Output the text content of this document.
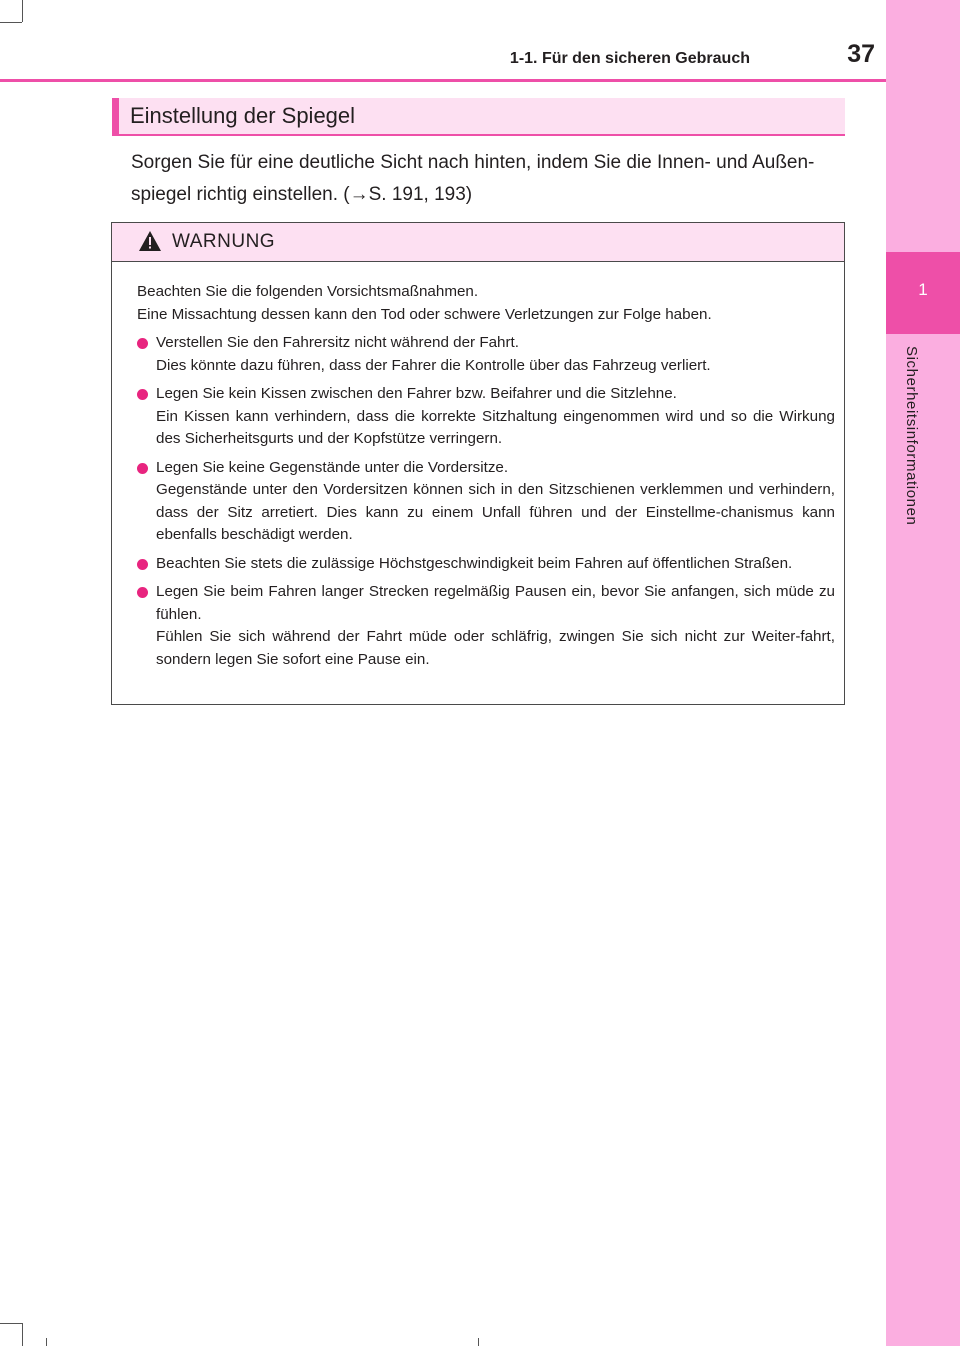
1
Sicherheitsinformationen
1-1. Für den sicheren Gebrauch	37
Einstellung der Spiegel
Sorgen Sie für eine deutliche Sicht nach hinten, indem Sie die Innen- und Außen-spiegel richtig einstellen. (→S. 191, 193)
WARNUNG

Beachten Sie die folgenden Vorsichtsmaßnahmen.

Eine Missachtung dessen kann den Tod oder schwere Verletzungen zur Folge haben.

Verstellen Sie den Fahrersitz nicht während der Fahrt.
Dies könnte dazu führen, dass der Fahrer die Kontrolle über das Fahrzeug verliert.
Legen Sie kein Kissen zwischen den Fahrer bzw. Beifahrer und die Sitzlehne.
Ein Kissen kann verhindern, dass die korrekte Sitzhaltung eingenommen wird und so die Wirkung des Sicherheitsgurts und der Kopfstütze verringern.
Legen Sie keine Gegenstände unter die Vordersitze.
Gegenstände unter den Vordersitzen können sich in den Sitzschienen verklemmen und verhindern, dass der Sitz arretiert. Dies kann zu einem Unfall führen und der Einstellme-chanismus kann ebenfalls beschädigt werden.
Beachten Sie stets die zulässige Höchstgeschwindigkeit beim Fahren auf öffentlichen Straßen.
Legen Sie beim Fahren langer Strecken regelmäßig Pausen ein, bevor Sie anfangen, sich müde zu fühlen.
Fühlen Sie sich während der Fahrt müde oder schläfrig, zwingen Sie sich nicht zur Weiter-fahrt, sondern legen Sie sofort eine Pause ein.
